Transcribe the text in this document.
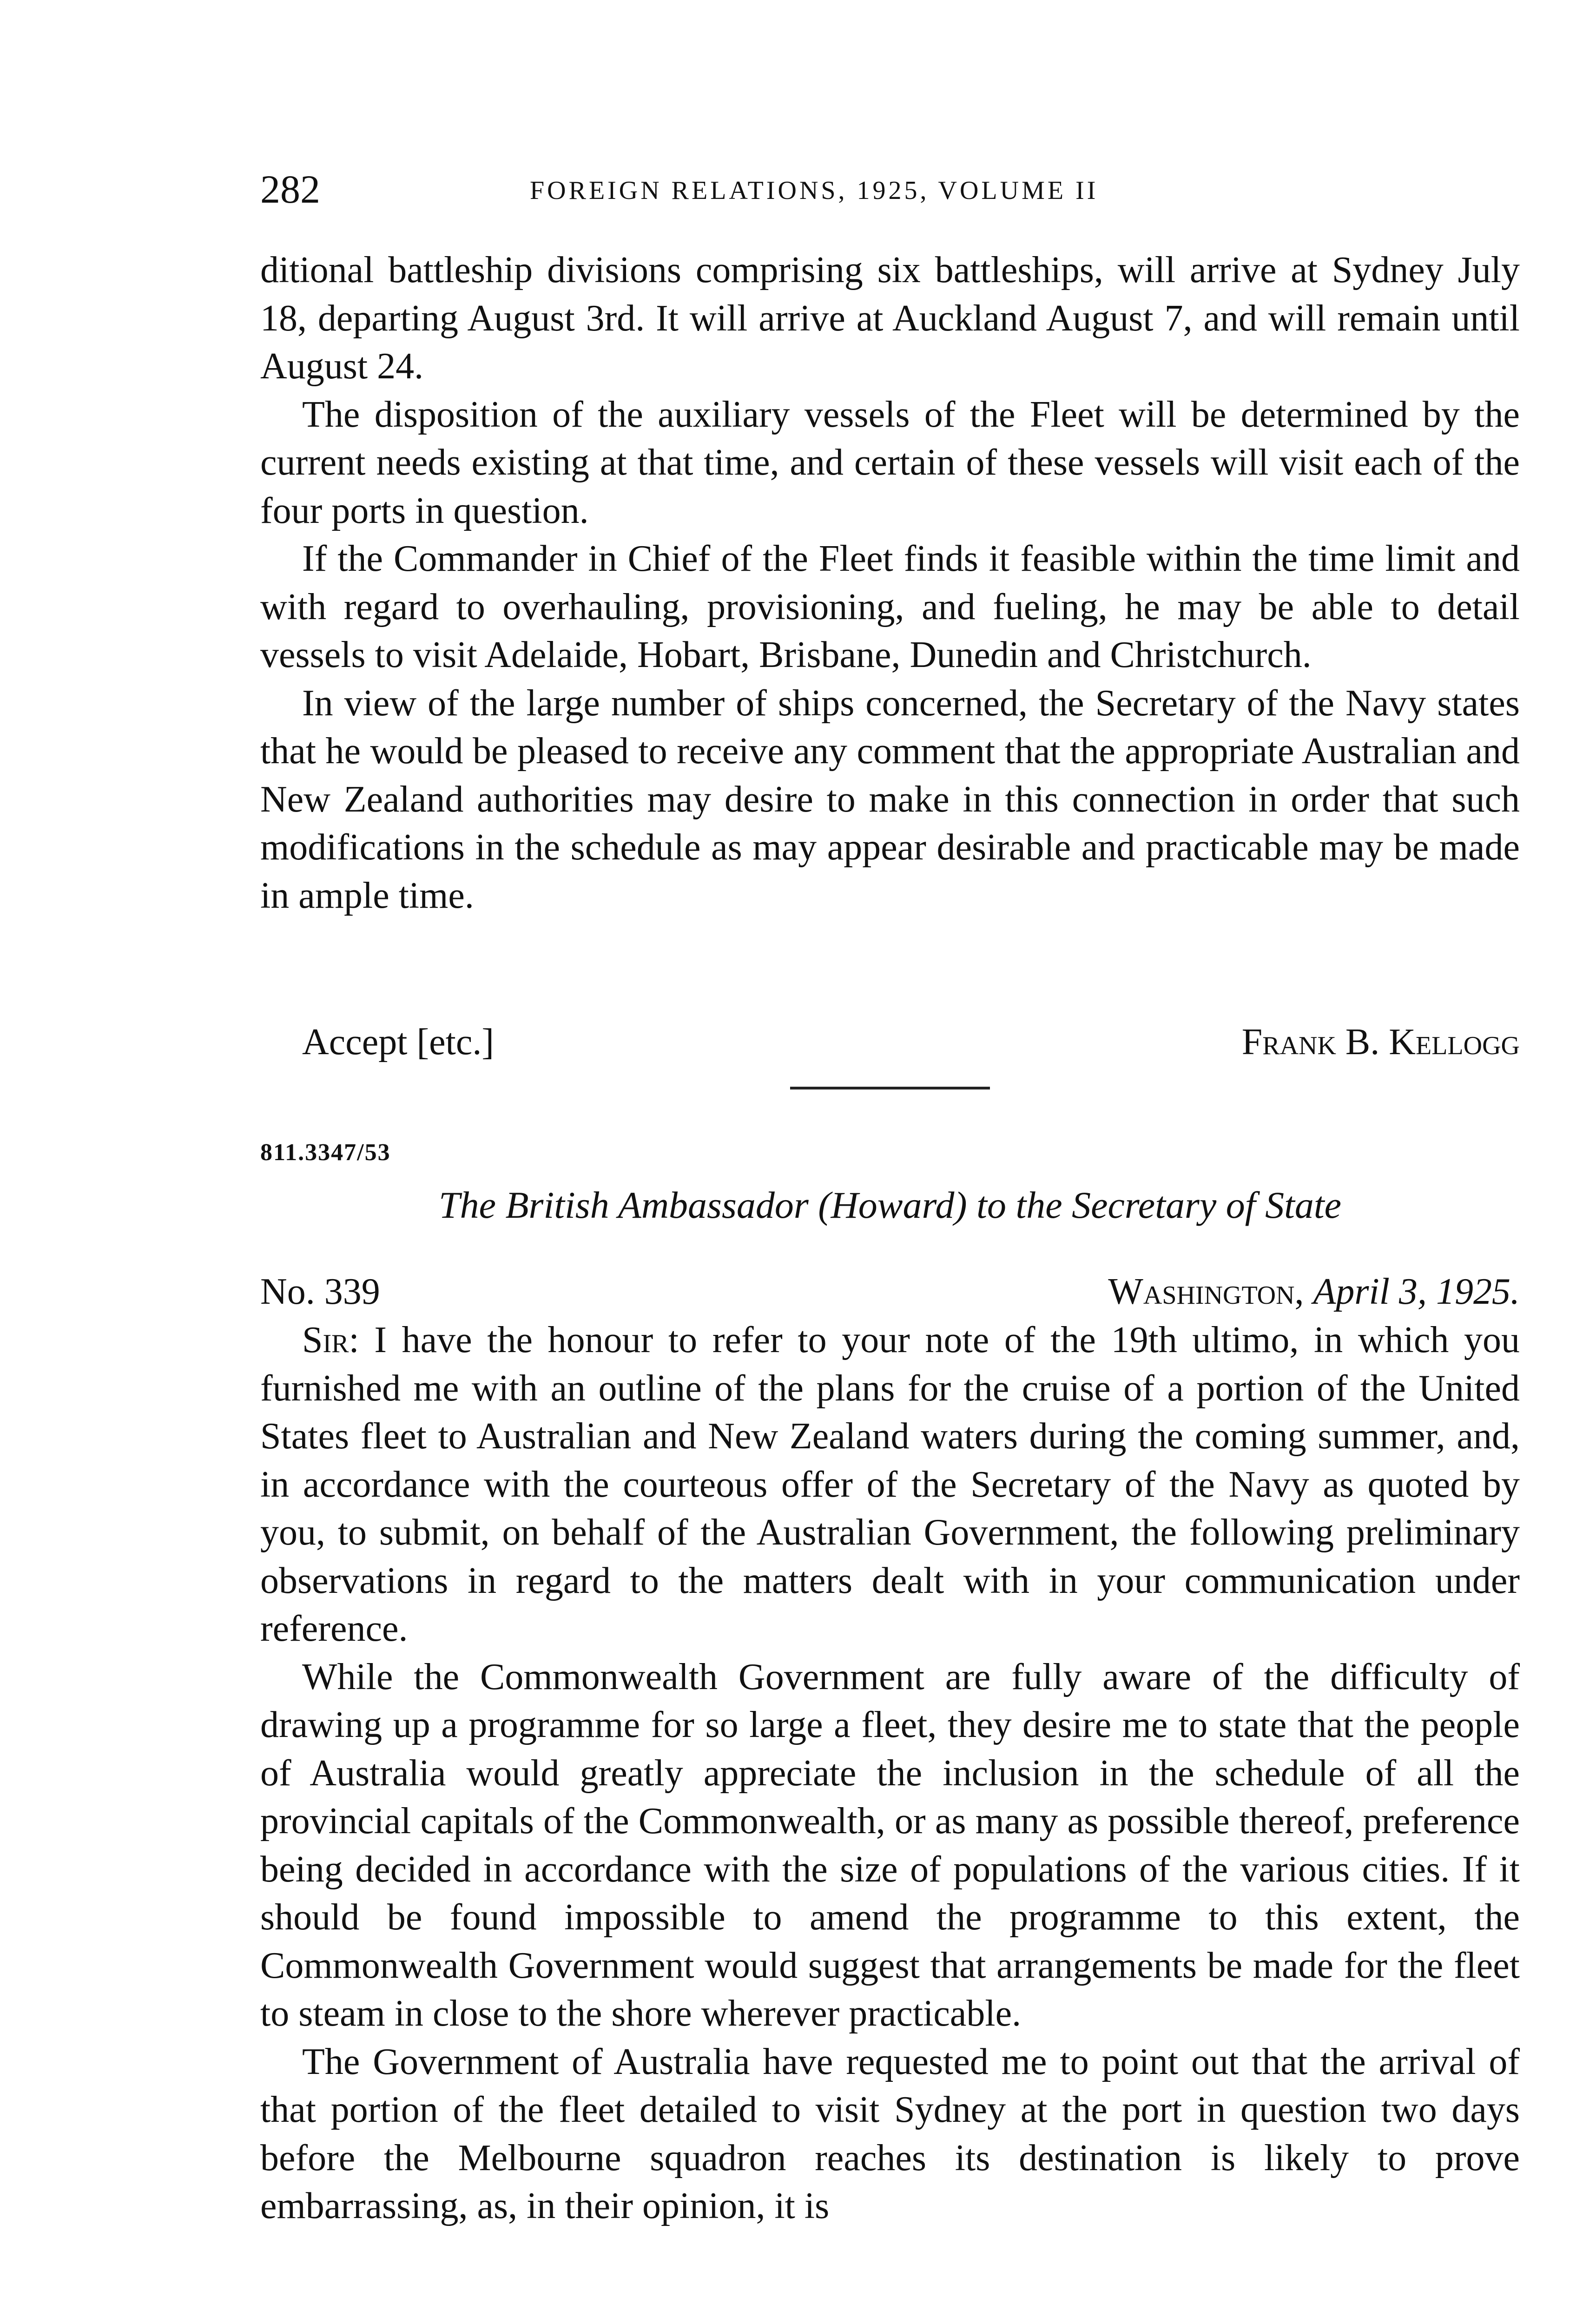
282	FOREIGN RELATIONS, 1925, VOLUME II

ditional battleship divisions comprising six battleships, will arrive at Sydney July 18, departing August 3rd. It will arrive at Auckland August 7, and will remain until August 24.

The disposition of the auxiliary vessels of the Fleet will be determined by the current needs existing at that time, and certain of these vessels will visit each of the four ports in question.

If the Commander in Chief of the Fleet finds it feasible within the time limit and with regard to overhauling, provisioning, and fueling, he may be able to detail vessels to visit Adelaide, Hobart, Brisbane, Dunedin and Christchurch.

In view of the large number of ships concerned, the Secretary of the Navy states that he would be pleased to receive any comment that the appropriate Australian and New Zealand authorities may desire to make in this connection in order that such modifications in the schedule as may appear desirable and practicable may be made in ample time.

Accept [etc.]	Frank B. Kellogg
811.3347/53
The British Ambassador (Howard) to the Secretary of State
No. 339	Washington, April 3, 1925.

Sir: I have the honour to refer to your note of the 19th ultimo, in which you furnished me with an outline of the plans for the cruise of a portion of the United States fleet to Australian and New Zealand waters during the coming summer, and, in accordance with the courteous offer of the Secretary of the Navy as quoted by you, to submit, on behalf of the Australian Government, the following preliminary observations in regard to the matters dealt with in your communication under reference.

While the Commonwealth Government are fully aware of the difficulty of drawing up a programme for so large a fleet, they desire me to state that the people of Australia would greatly appreciate the inclusion in the schedule of all the provincial capitals of the Commonwealth, or as many as possible thereof, preference being decided in accordance with the size of populations of the various cities. If it should be found impossible to amend the programme to this extent, the Commonwealth Government would suggest that arrangements be made for the fleet to steam in close to the shore wherever practicable.

The Government of Australia have requested me to point out that the arrival of that portion of the fleet detailed to visit Sydney at the port in question two days before the Melbourne squadron reaches its destination is likely to prove embarrassing, as, in their opinion, it is
